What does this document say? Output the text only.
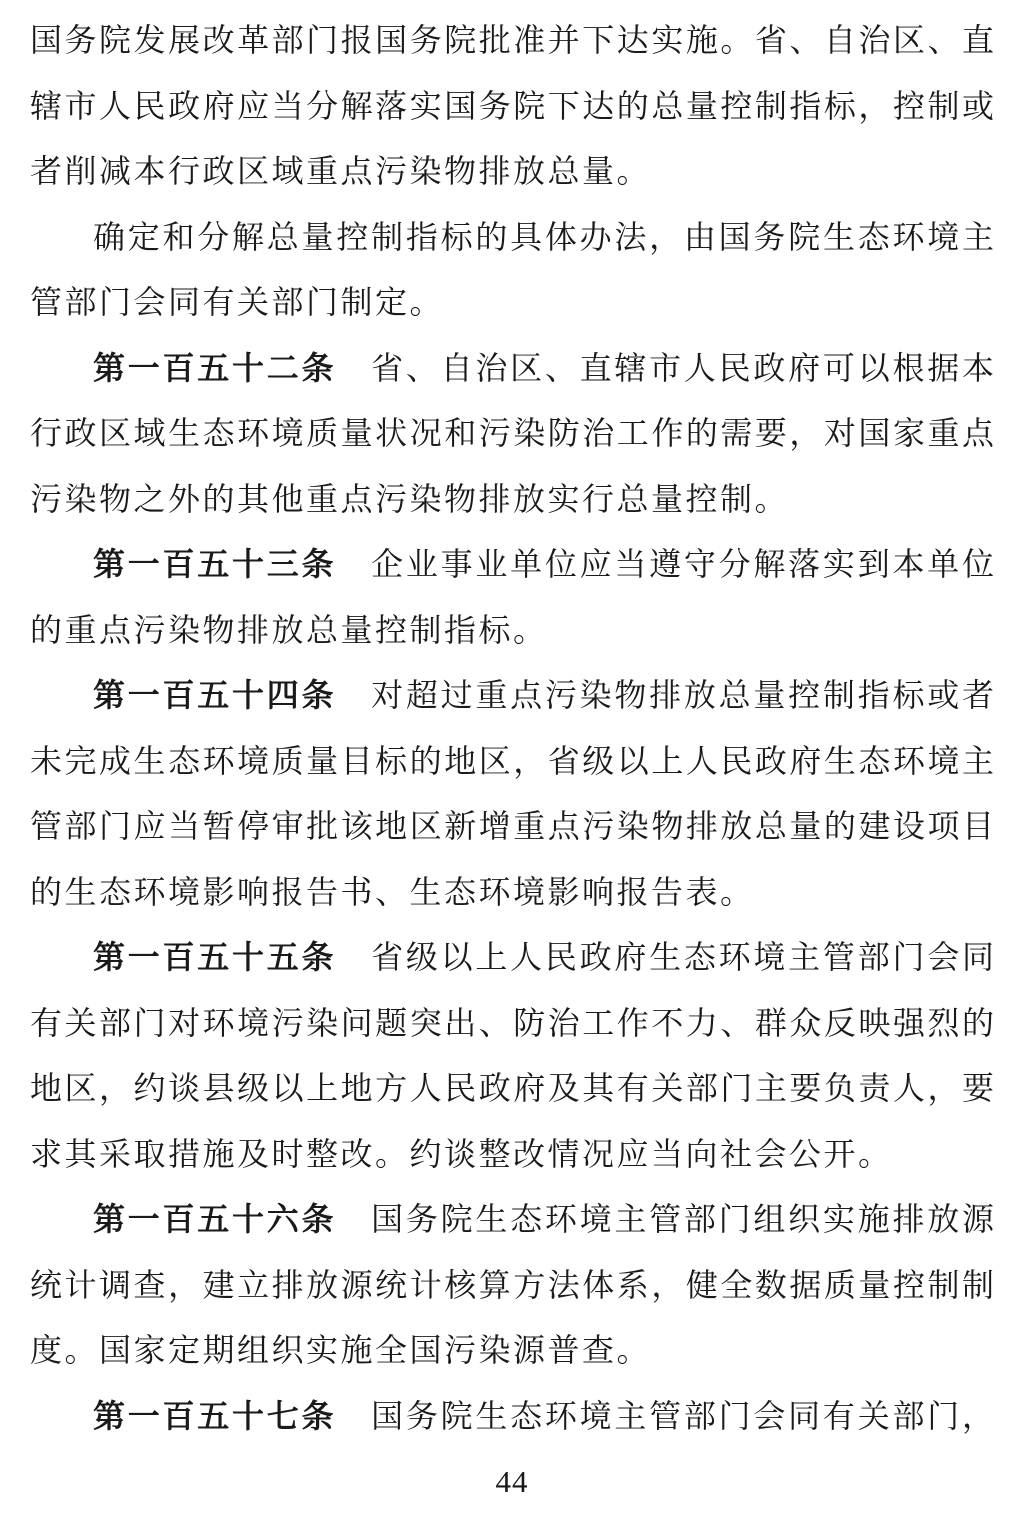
国务院发展改革部门报国务院批准并下达实施。省、自治区、直
辖市人民政府应当分解落实国务院下达的总量控制指标，控制或
者削减本行政区域重点污染物排放总量。
确定和分解总量控制指标的具体办法，由国务院生态环境主
管部门会同有关部门制定。
第一百五十二条　省、自治区、直辖市人民政府可以根据本
行政区域生态环境质量状况和污染防治工作的需要，对国家重点
污染物之外的其他重点污染物排放实行总量控制。
第一百五十三条　企业事业单位应当遵守分解落实到本单位
的重点污染物排放总量控制指标。
第一百五十四条　对超过重点污染物排放总量控制指标或者
未完成生态环境质量目标的地区，省级以上人民政府生态环境主
管部门应当暂停审批该地区新增重点污染物排放总量的建设项目
的生态环境影响报告书、生态环境影响报告表。
第一百五十五条　省级以上人民政府生态环境主管部门会同
有关部门对环境污染问题突出、防治工作不力、群众反映强烈的
地区，约谈县级以上地方人民政府及其有关部门主要负责人，要
求其采取措施及时整改。约谈整改情况应当向社会公开。
第一百五十六条　国务院生态环境主管部门组织实施排放源
统计调查，建立排放源统计核算方法体系，健全数据质量控制制
度。国家定期组织实施全国污染源普查。
第一百五十七条　国务院生态环境主管部门会同有关部门，
44
